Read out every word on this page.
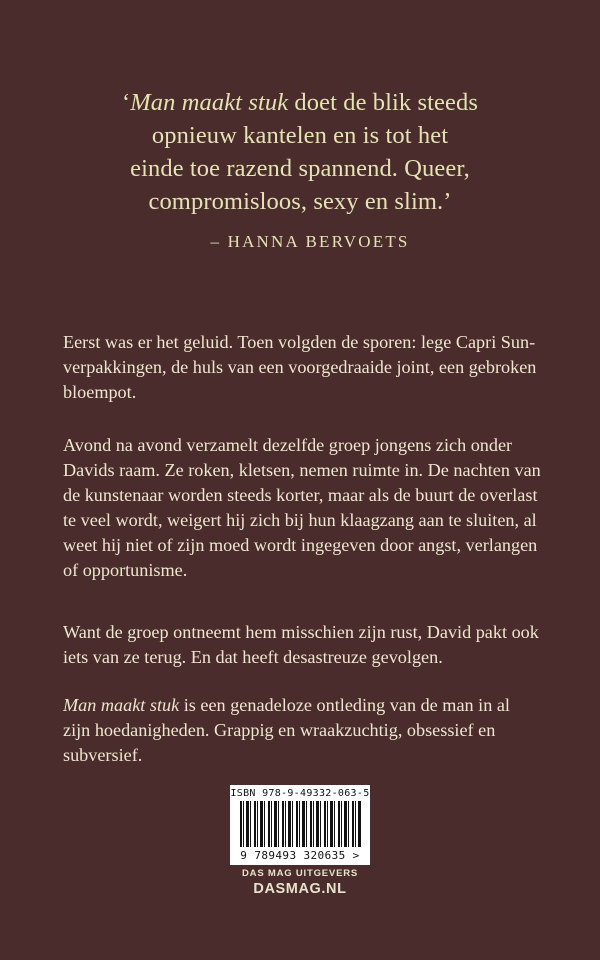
‘Man maakt stuk doet de blik steeds
opnieuw kantelen en is tot het
einde toe razend spannend. Queer,
compromisloos, sexy en slim.’
– HANNA BERVOETS

Eerst was er het geluid. Toen volgden de sporen: lege Capri Sun-verpakkingen, de huls van een voorgedraaide joint, een gebroken bloempot.

Avond na avond verzamelt dezelfde groep jongens zich onder Davids raam. Ze roken, kletsen, nemen ruimte in. De nachten van de kunstenaar worden steeds korter, maar als de buurt de overlast te veel wordt, weigert hij zich bij hun klaagzang aan te sluiten, al weet hij niet of zijn moed wordt ingegeven door angst, verlangen of opportunisme.

Want de groep ontneemt hem misschien zijn rust, David pakt ook iets van ze terug. En dat heeft desastreuze gevolgen.

Man maakt stuk is een genadeloze ontleding van de man in al zijn hoedanigheden. Grappig en wraakzuchtig, obsessief en subversief.

ISBN 978-9-49332-063-5
9 789493 320635 >
DAS MAG UITGEVERS
DASMAG.NL
